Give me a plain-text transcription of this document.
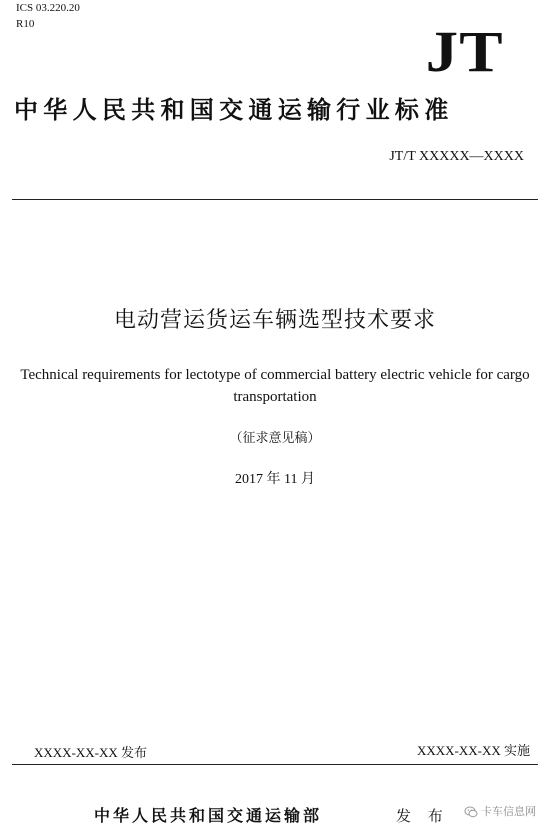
ICS 03.220.20
R10	JT
中华人民共和国交通运输行业标准
JT/T XXXXX—XXXX
电动营运货运车辆选型技术要求
Technical requirements for lectotype of commercial battery electric vehicle for cargo
transportation
（征求意见稿）
2017 年 11 月
XXXX-XX-XX 发布	XXXX-XX-XX 实施
中华人民共和国交通运输部	发 布	卡车信息网
